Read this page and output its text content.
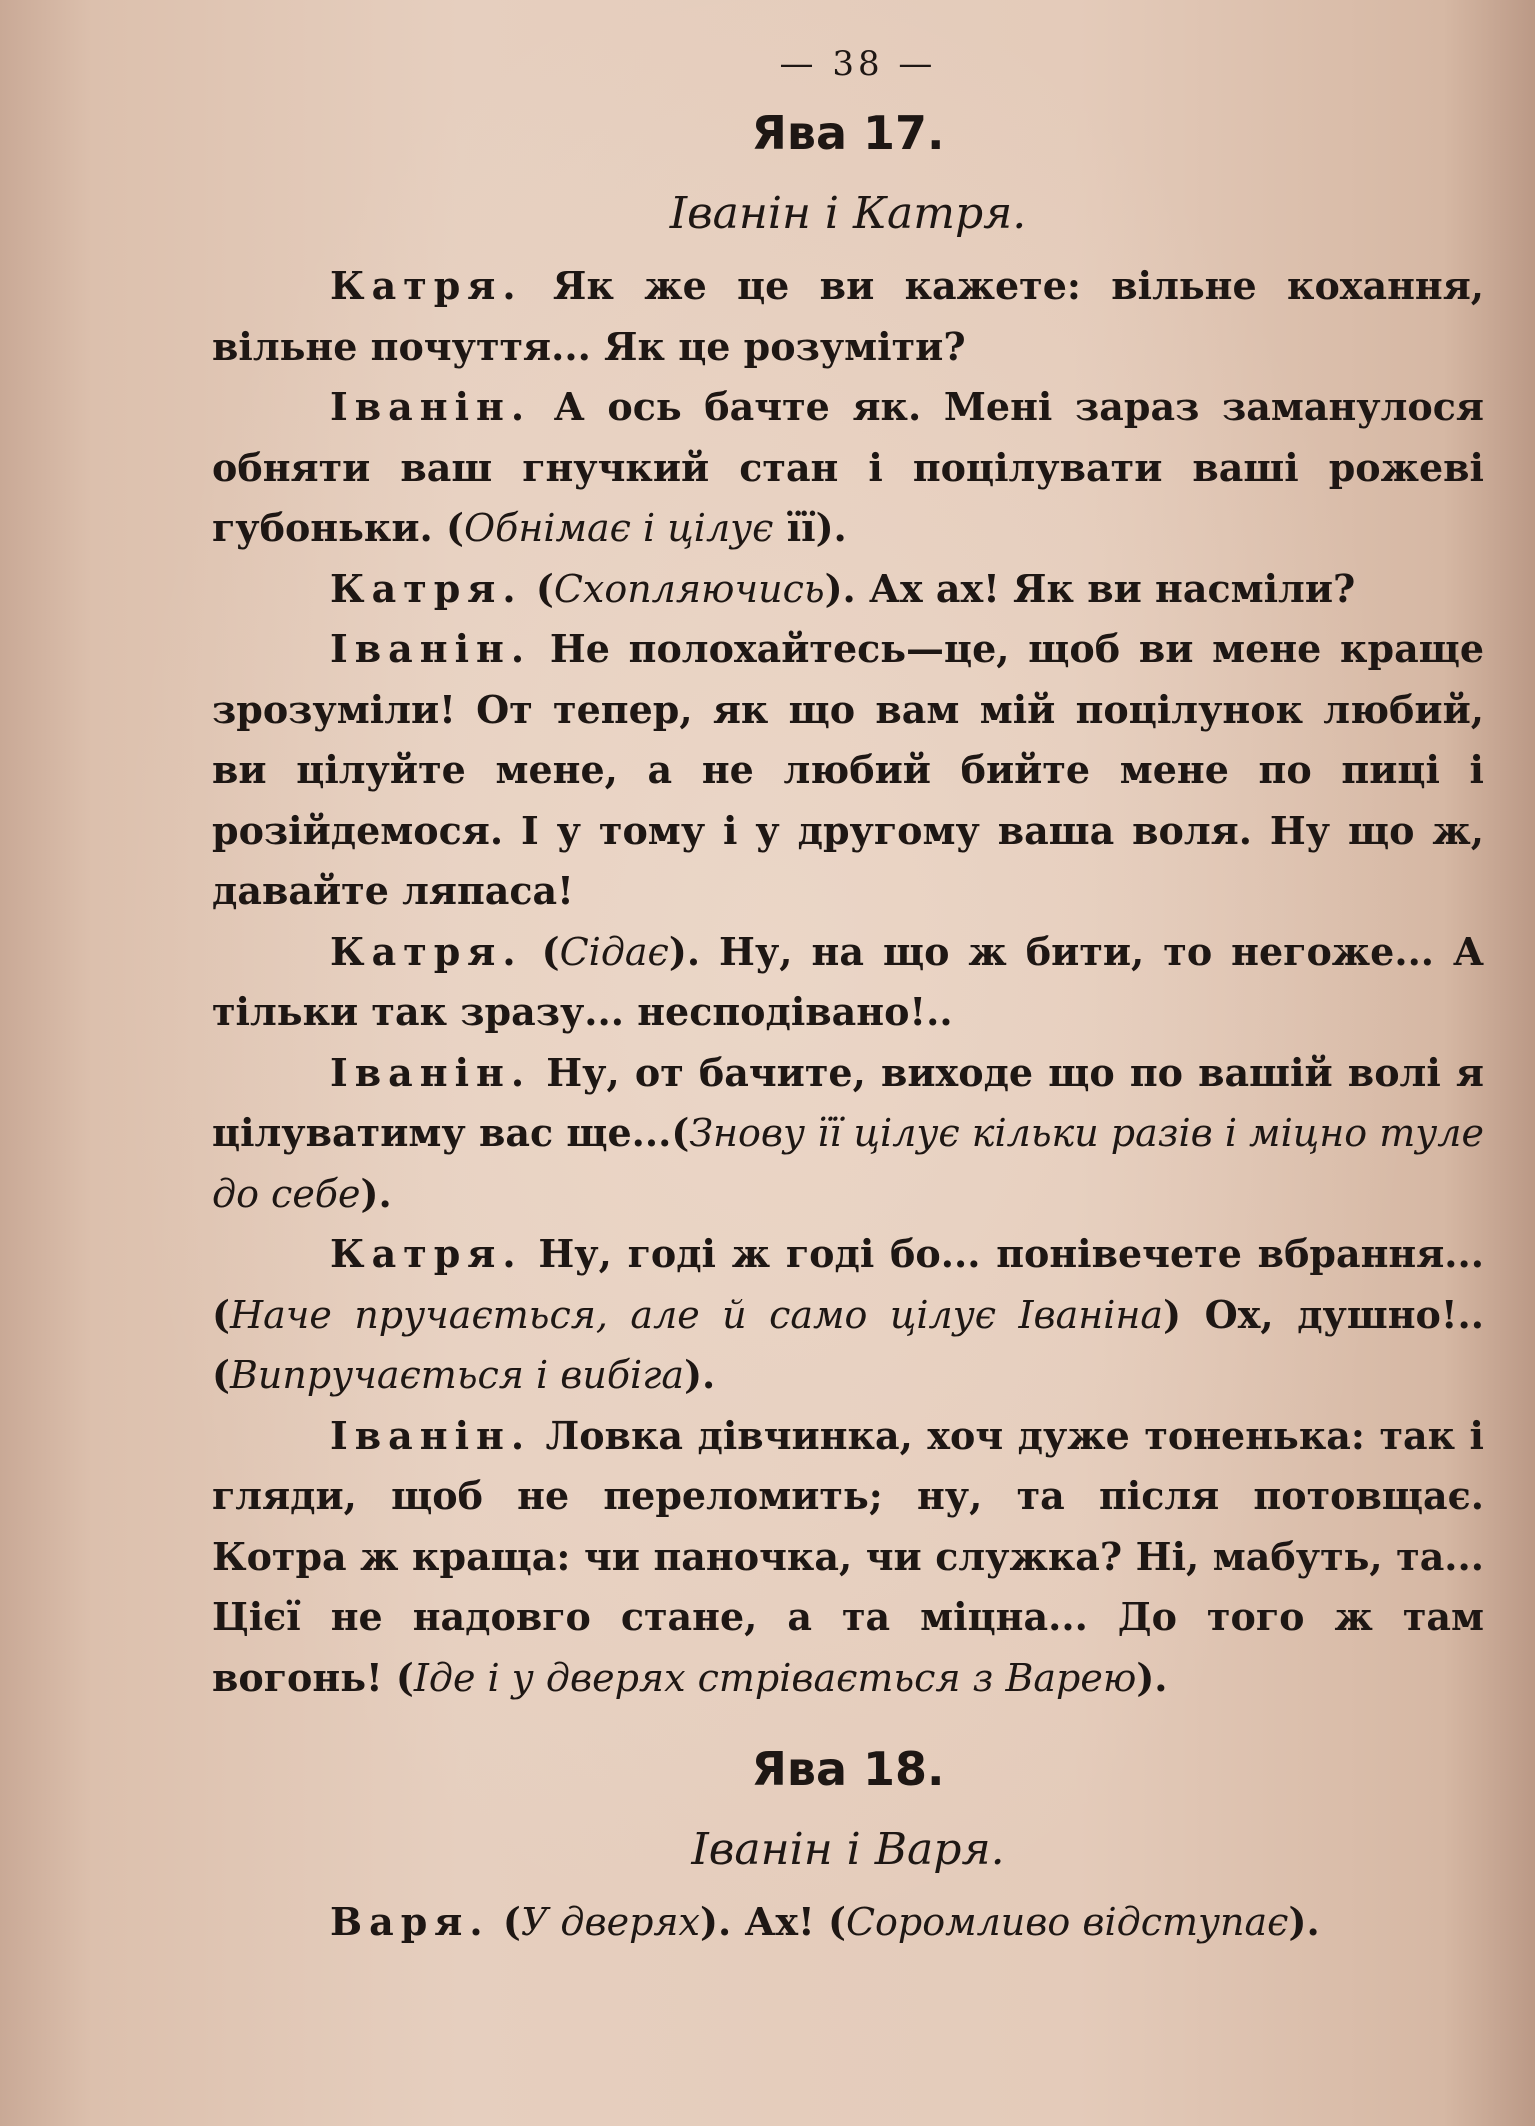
— 38 —
Ява 17.
Іванін і Катря.

Катря. Як же це ви кажете: вільне кохання, вільне почуття... Як це розуміти?

Іванін. А ось бачте як. Мені зараз заманулося обняти ваш гнучкий стан і поцілувати ваші рожеві губоньки. (Обнімає і цілує її).

Катря. (Схопляючись). Ах ах! Як ви насміли?

Іванін. Не полохайтесь—це, щоб ви мене краще зрозуміли! От тепер, як що вам мій поцілунок любий, ви цілуйте мене, а не любий бийте мене по пиці і розійдемося. І у тому і у другому ваша воля. Ну що ж, давайте ляпаса!

Катря. (Сідає). Ну, на що ж бити, то негоже... А тільки так зразу... несподівано!..

Іванін. Ну, от бачите, виходе що по вашій волі я цілуватиму вас ще...(Знову її цілує кільки разів і міцно туле до себе).

Катря. Ну, годі ж годі бо... понівечете вбрання... (Наче пручається, але й само цілує Іваніна) Ох, душно!.. (Випручається і вибіга).

Іванін. Ловка дівчинка, хоч дуже тоненька: так і гляди, щоб не переломить; ну, та після потовщає. Котра ж краща: чи паночка, чи служка? Ні, мабуть, та... Цієї не надовго стане, а та міцна... До того ж там вогонь! (Іде і у дверях стрівається з Варею).

Ява 18.
Іванін і Варя.

Варя. (У дверях). Ах! (Соромливо відступає).
